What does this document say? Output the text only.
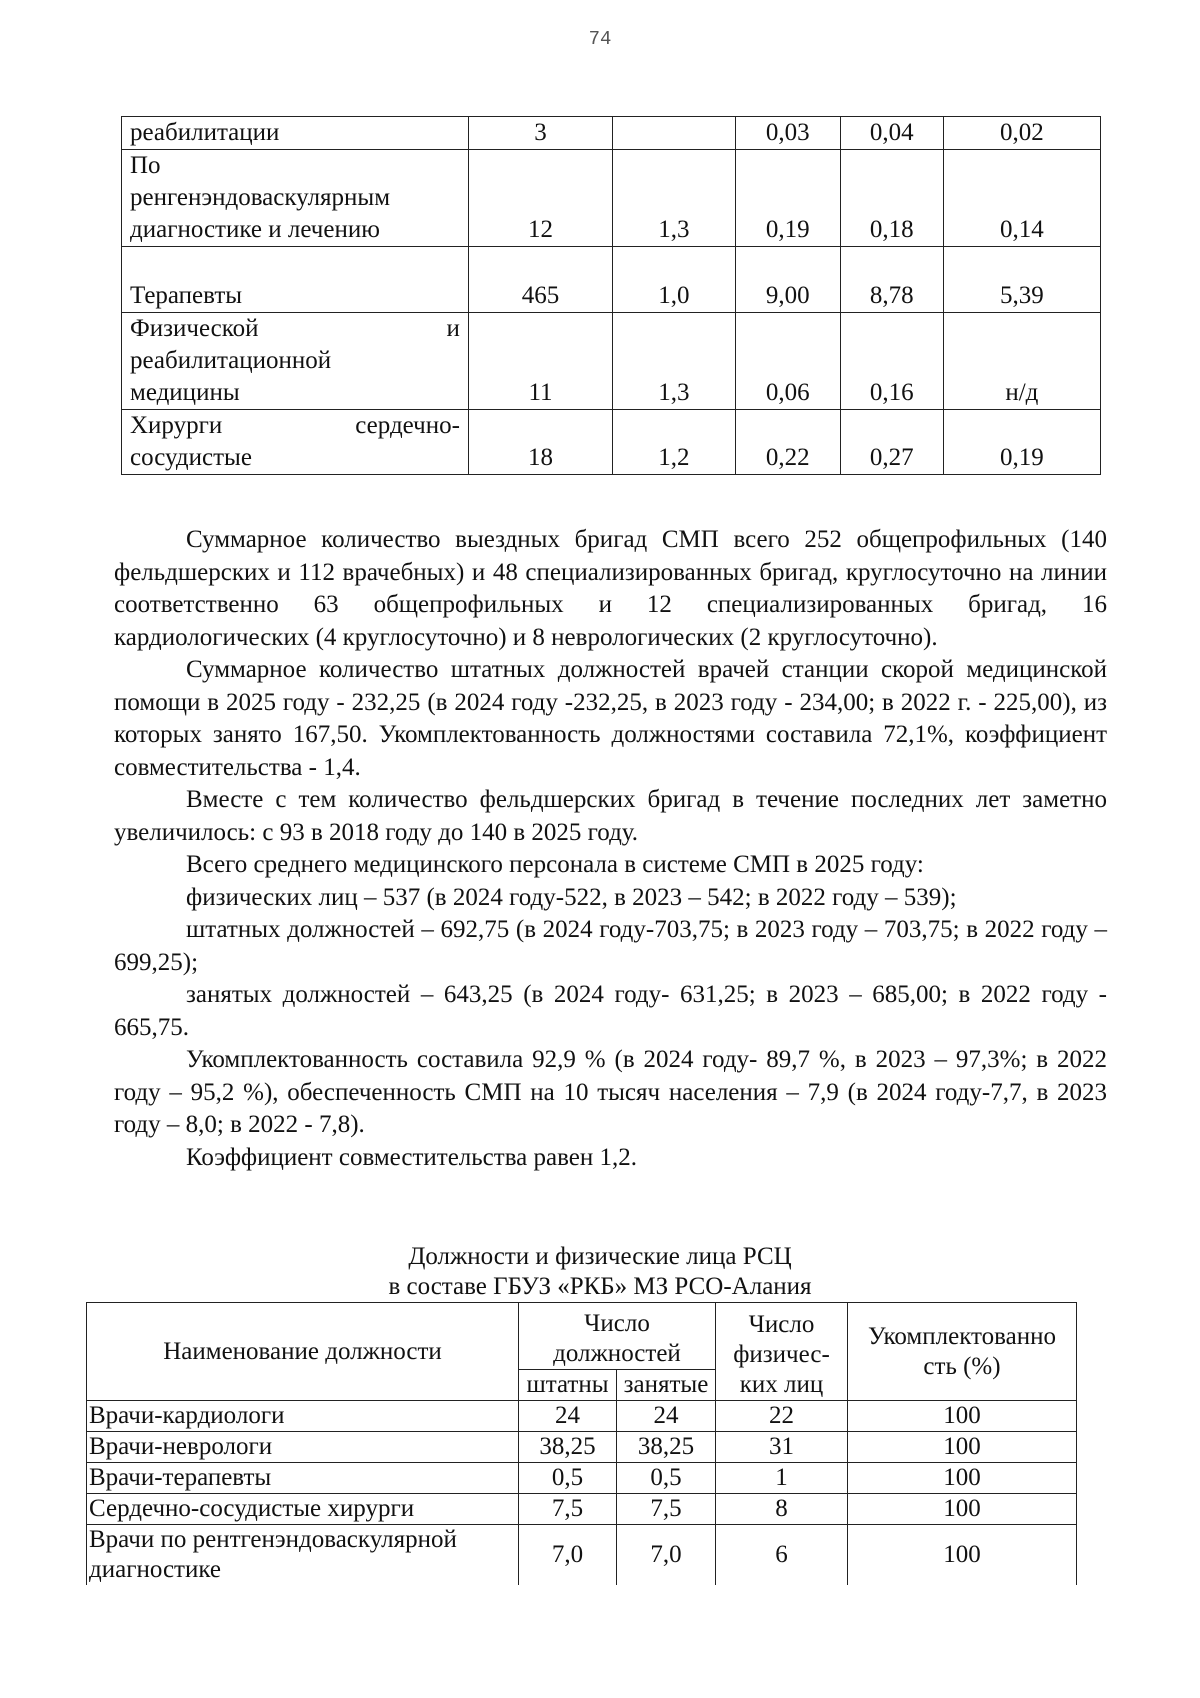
74
реабилитации	3		0,03	0,04	0,02

По
ренгенэндоваскулярным
диагностике и лечению	12	1,3	0,19	0,18	0,14

Терапевты	465	1,0	9,00	8,78	5,39

Физической и
реабилитационной
медицины	11	1,3	0,06	0,16	н/д

Хирурги сердечно-
сосудистые	18	1,2	0,22	0,27	0,19

Суммарное количество выездных бригад СМП всего 252 общепрофильных (140 фельдшерских и 112 врачебных) и 48 специализированных бригад, круглосуточно на линии соответственно 63 общепрофильных и 12 специализированных бригад, 16 кардиологических (4 круглосуточно) и 8 неврологических (2 круглосуточно).

Суммарное количество штатных должностей врачей станции скорой медицинской помощи в 2025 году - 232,25 (в 2024 году -232,25, в 2023 году - 234,00; в 2022 г. - 225,00), из которых занято 167,50. Укомплектованность должностями составила 72,1%, коэффициент совместительства - 1,4.

Вместе с тем количество фельдшерских бригад в течение последних лет заметно увеличилось: с 93 в 2018 году до 140 в 2025 году.

Всего среднего медицинского персонала в системе СМП в 2025 году:

физических лиц – 537 (в 2024 году-522, в 2023 – 542; в 2022 году – 539);

штатных должностей – 692,75 (в 2024 году-703,75; в 2023 году – 703,75; в 2022 году – 699,25);

занятых должностей – 643,25 (в 2024 году- 631,25; в 2023 – 685,00; в 2022 году - 665,75.

Укомплектованность составила 92,9 % (в 2024 году- 89,7 %, в 2023 – 97,3%; в 2022 году – 95,2 %), обеспеченность СМП на 10 тысяч населения – 7,9 (в 2024 году-7,7, в 2023 году – 8,0; в 2022 - 7,8).

Коэффициент совместительства равен 1,2.

Должности и физические лица РСЦ
в составе ГБУЗ «РКБ» МЗ РСО-Алания
Наименование должности	Число должностей		Число физичес- ких лиц	Укомплектованно сть (%)
	штатны	занятые		
Врачи-кардиологи	24	24	22	100
Врачи-неврологи	38,25	38,25	31	100
Врачи-терапевты	0,5	0,5	1	100
Сердечно-сосудистые хирурги	7,5	7,5	8	100
Врачи по рентгенэндоваскулярной диагностике	7,0	7,0	6	100
